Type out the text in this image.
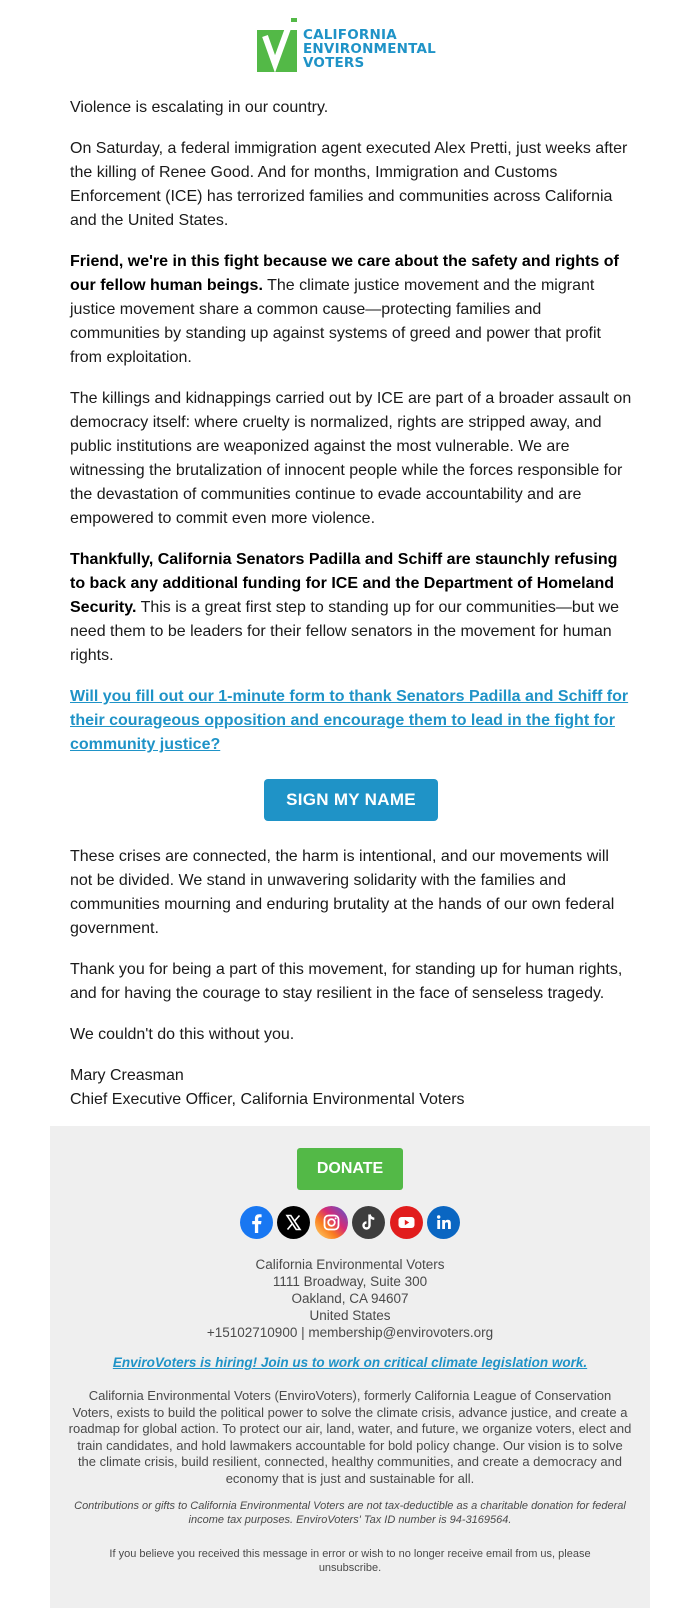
CALIFORNIA
ENVIRONMENTAL
VOTERS

Violence is escalating in our country.

On Saturday, a federal immigration agent executed Alex Pretti, just weeks after the killing of Renee Good. And for months, Immigration and Customs Enforcement (ICE) has terrorized families and communities across California and the United States.

Friend, we're in this fight because we care about the safety and rights of our fellow human beings. The climate justice movement and the migrant justice movement share a common cause—protecting families and communities by standing up against systems of greed and power that profit from exploitation.

The killings and kidnappings carried out by ICE are part of a broader assault on democracy itself: where cruelty is normalized, rights are stripped away, and public institutions are weaponized against the most vulnerable. We are witnessing the brutalization of innocent people while the forces responsible for the devastation of communities continue to evade accountability and are empowered to commit even more violence.

Thankfully, California Senators Padilla and Schiff are staunchly refusing to back any additional funding for ICE and the Department of Homeland Security. This is a great first step to standing up for our communities—but we need them to be leaders for their fellow senators in the movement for human rights.

Will you fill out our 1-minute form to thank Senators Padilla and Schiff for their courageous opposition and encourage them to lead in the fight for community justice?
SIGN MY NAME

These crises are connected, the harm is intentional, and our movements will not be divided. We stand in unwavering solidarity with the families and communities mourning and enduring brutality at the hands of our own federal government.

Thank you for being a part of this movement, for standing up for human rights, and for having the courage to stay resilient in the face of senseless tragedy.

We couldn't do this without you.

Mary Creasman
Chief Executive Officer, California Environmental Voters
DONATE
California Environmental Voters
1111 Broadway, Suite 300
Oakland, CA 94607
United States
+15102710900 | membership@envirovoters.org
EnviroVoters is hiring! Join us to work on critical climate legislation work.
California Environmental Voters (EnviroVoters), formerly California League of Conservation Voters, exists to build the political power to solve the climate crisis, advance justice, and create a roadmap for global action. To protect our air, land, water, and future, we organize voters, elect and train candidates, and hold lawmakers accountable for bold policy change. Our vision is to solve the climate crisis, build resilient, connected, healthy communities, and create a democracy and economy that is just and sustainable for all.
Contributions or gifts to California Environmental Voters are not tax-deductible as a charitable donation for federal income tax purposes. EnviroVoters' Tax ID number is 94-3169564.
If you believe you received this message in error or wish to no longer receive email from us, please unsubscribe.
